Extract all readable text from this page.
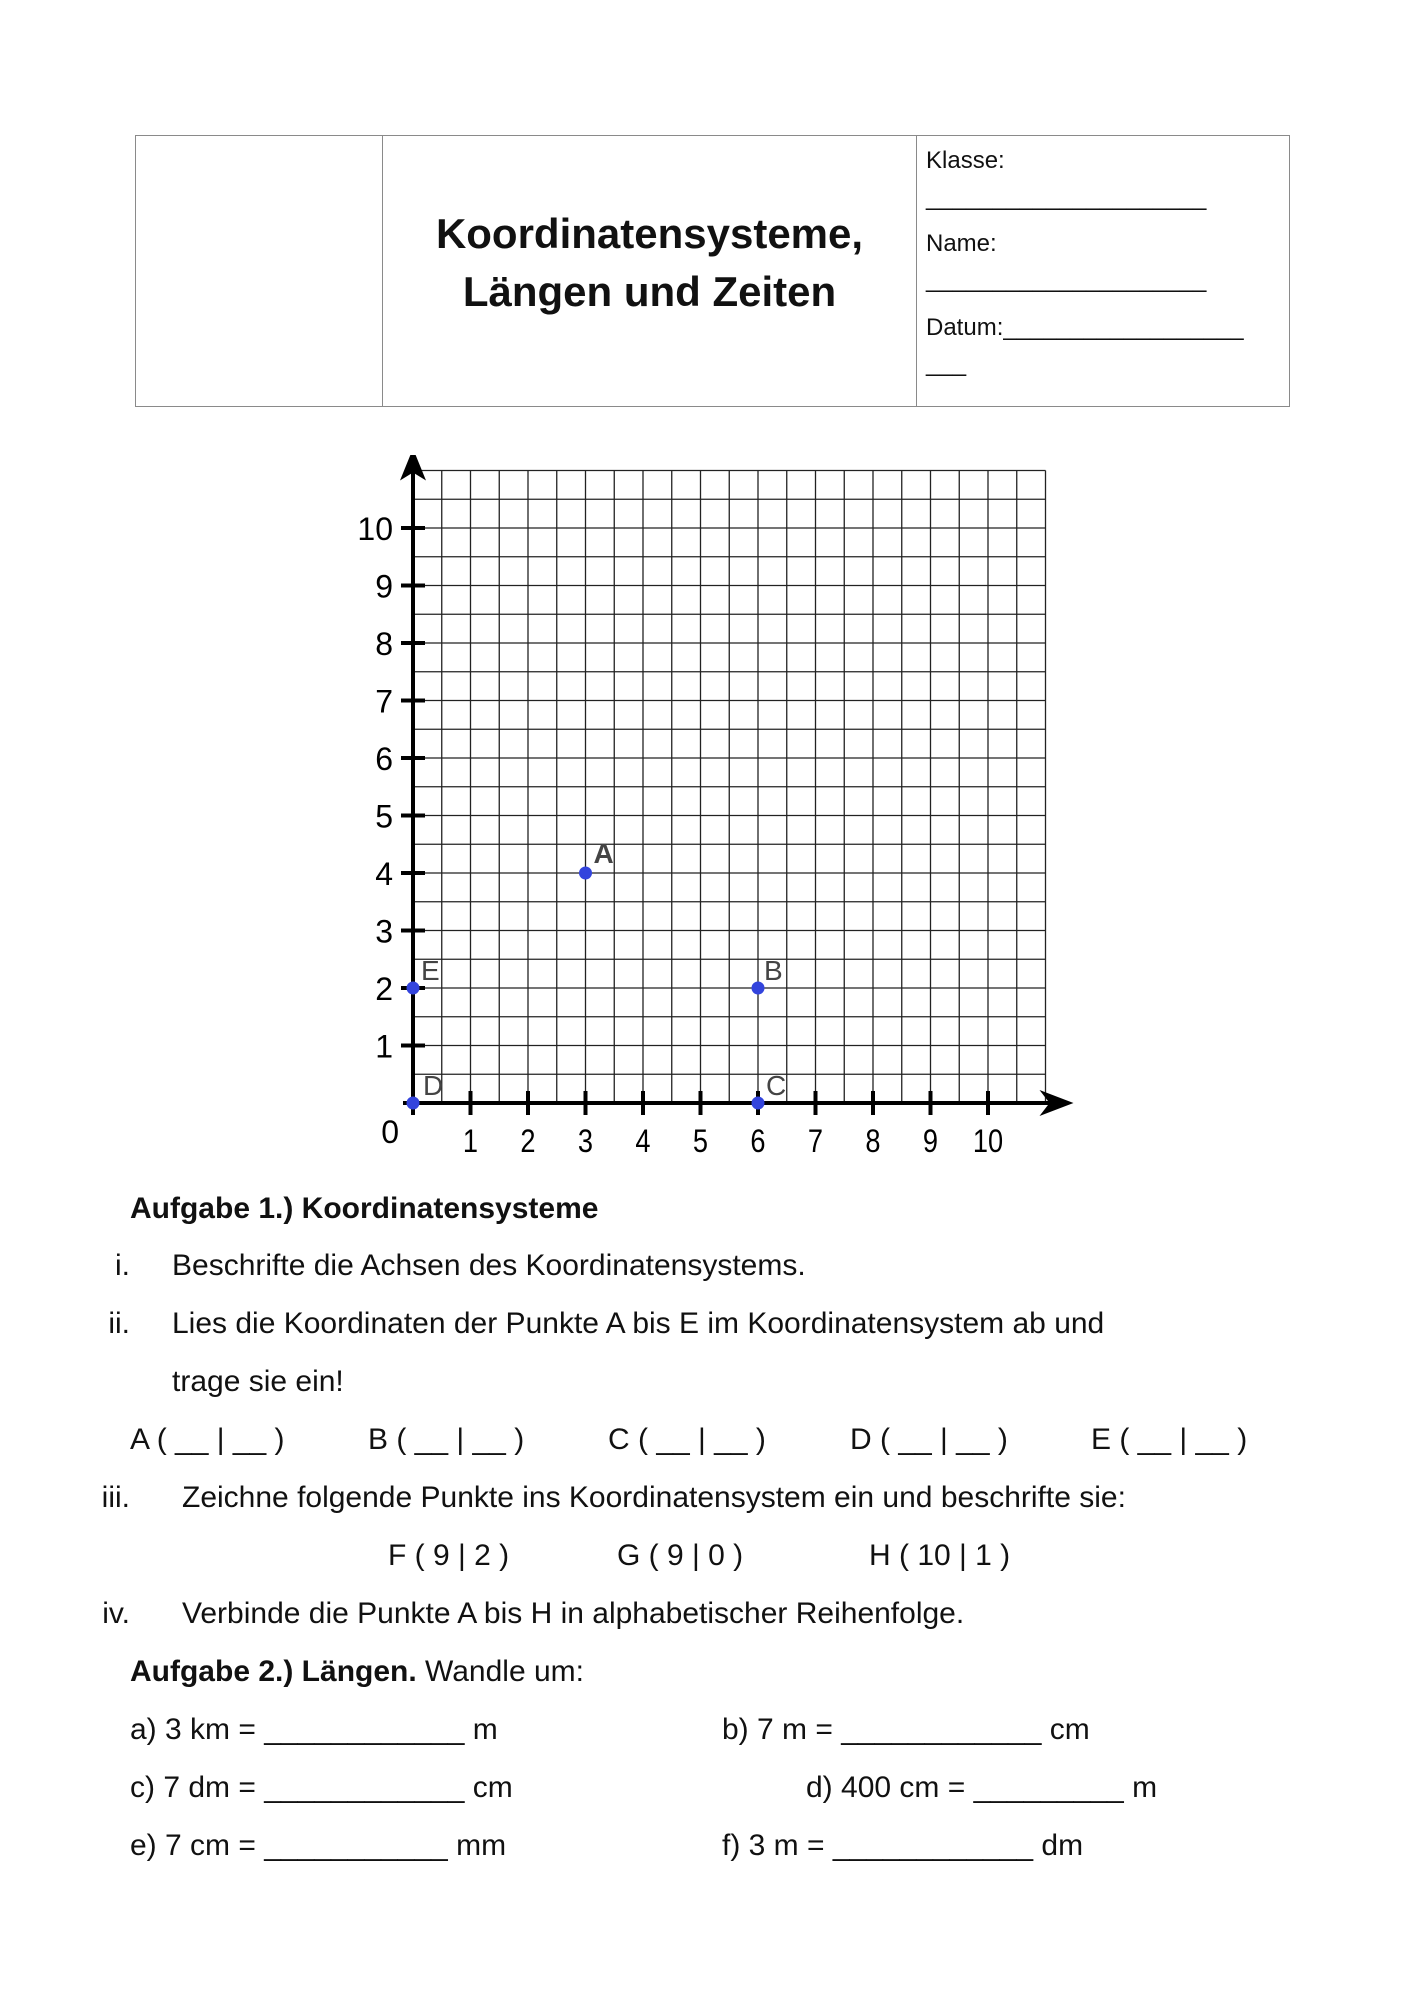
Koordinatensysteme,
Längen und Zeiten
Klasse:
_____________________
Name:
_____________________
Datum:__________________
___
1 2 3 4 5 6 7 8 9 10
1
2
3
4
5
6
7
8
9
10
0
A
B
C
D
E
Aufgabe 1.) Koordinatensysteme
i. Beschrifte die Achsen des Koordinatensystems.
ii. Lies die Koordinaten der Punkte A bis E im Koordinatensystem ab und
trage sie ein!
A ( __ | __ )	B ( __ | __ )	C ( __ | __ )	D ( __ | __ )	E ( __ | __ )
iii. Zeichne folgende Punkte ins Koordinatensystem ein und beschrifte sie:
F ( 9 | 2 )	G ( 9 | 0 )	H ( 10 | 1 )
iv. Verbinde die Punkte A bis H in alphabetischer Reihenfolge.
Aufgabe 2.) Längen. Wandle um:
a) 3 km = ____________ m	b) 7 m = ____________ cm
c) 7 dm = ____________ cm	d) 400 cm = _________ m
e) 7 cm = ___________ mm	f) 3 m = ____________ dm
